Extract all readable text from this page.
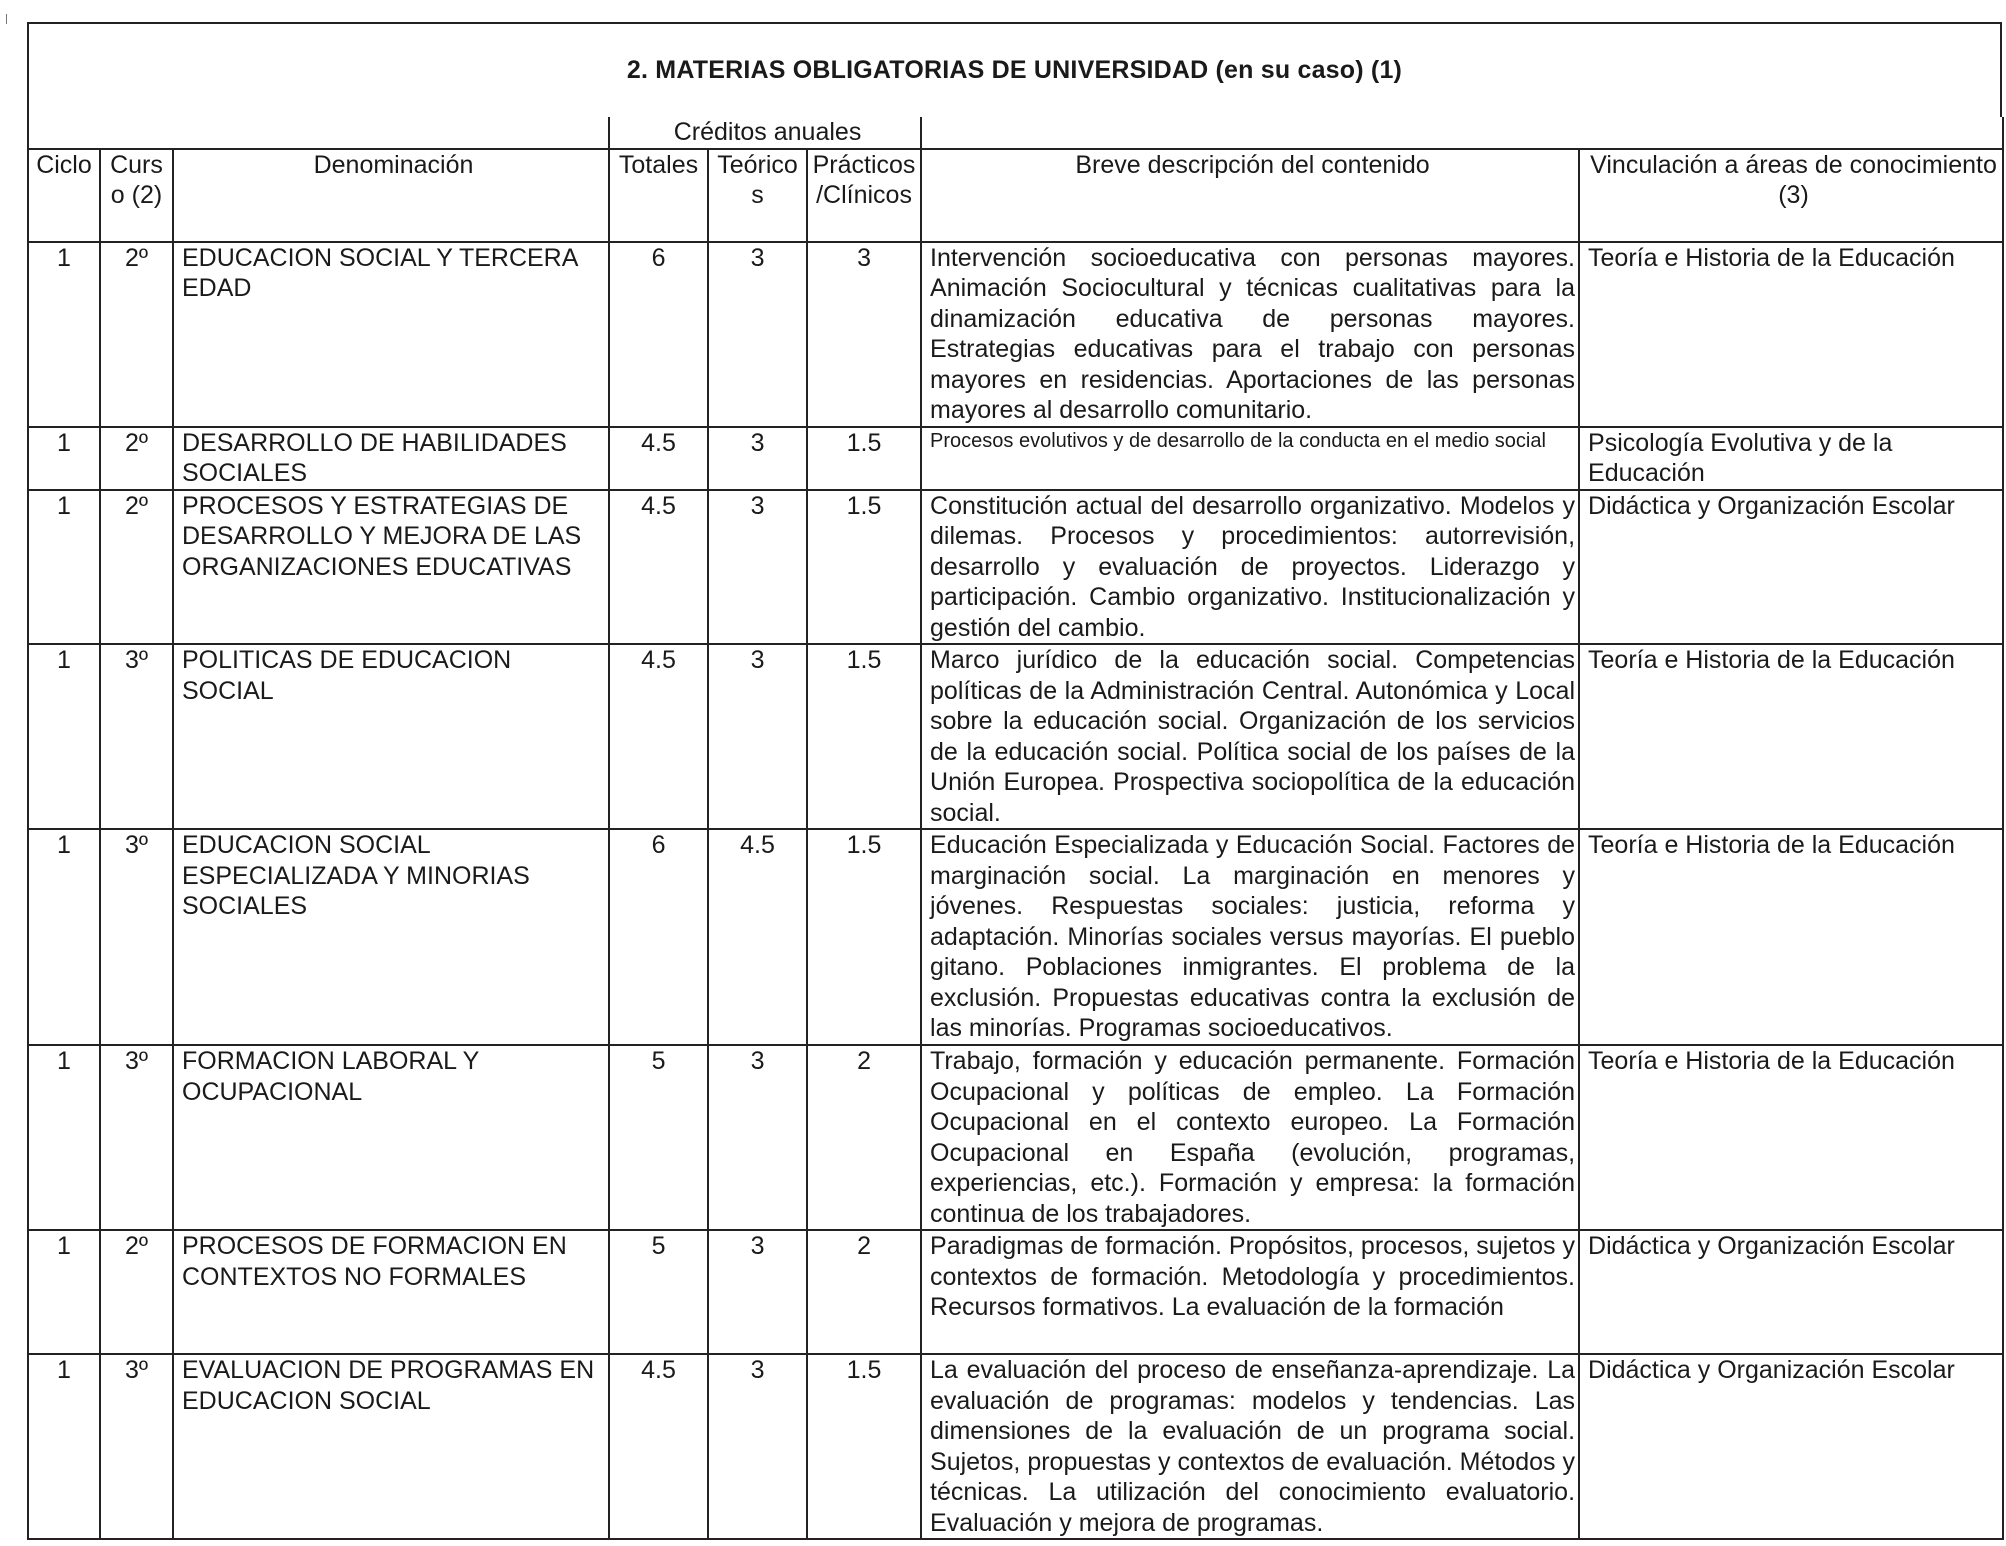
2. MATERIAS OBLIGATORIAS DE UNIVERSIDAD (en su caso) (1)
			Créditos anuales				
Ciclo	Curso (2)	Denominación	Totales	Teóricos	Prácticos/Clínicos	Breve descripción del contenido	Vinculación a áreas de conocimiento (3)
1	2º	EDUCACION SOCIAL Y TERCERA EDAD	6	3	3	Intervención socioeducativa con personas mayores. Animación Sociocultural y técnicas cualitativas para la dinamización educativa de personas mayores. Estrategias educativas para el trabajo con personas mayores en residencias. Aportaciones de las personas mayores al desarrollo comunitario.	Teoría e Historia de la Educación
1	2º	DESARROLLO DE HABILIDADES SOCIALES	4.5	3	1.5	Procesos evolutivos y de desarrollo de la conducta en el medio social	Psicología Evolutiva y de la Educación
1	2º	PROCESOS Y ESTRATEGIAS DE DESARROLLO Y MEJORA DE LAS ORGANIZACIONES EDUCATIVAS	4.5	3	1.5	Constitución actual del desarrollo organizativo. Modelos y dilemas. Procesos y procedimientos: autorrevisión, desarrollo y evaluación de proyectos. Liderazgo y participación. Cambio organizativo. Institucionalización y gestión del cambio.	Didáctica y Organización Escolar
1	3º	POLITICAS DE EDUCACION SOCIAL	4.5	3	1.5	Marco jurídico de la educación social. Competencias políticas de la Administración Central. Autonómica y Local sobre la educación social. Organización de los servicios de la educación social. Política social de los países de la Unión Europea. Prospectiva sociopolítica de la educación social.	Teoría e Historia de la Educación
1	3º	EDUCACION SOCIAL ESPECIALIZADA Y MINORIAS SOCIALES	6	4.5	1.5	Educación Especializada y Educación Social. Factores de marginación social. La marginación en menores y jóvenes. Respuestas sociales: justicia, reforma y adaptación. Minorías sociales versus mayorías. El pueblo gitano. Poblaciones inmigrantes. El problema de la exclusión. Propuestas educativas contra la exclusión de las minorías. Programas socioeducativos.	Teoría e Historia de la Educación
1	3º	FORMACION LABORAL Y OCUPACIONAL	5	3	2	Trabajo, formación y educación permanente. Formación Ocupacional y políticas de empleo. La Formación Ocupacional en el contexto europeo. La Formación Ocupacional en España (evolución, programas, experiencias, etc.). Formación y empresa: la formación continua de los trabajadores.	Teoría e Historia de la Educación
1	2º	PROCESOS DE FORMACION EN CONTEXTOS NO FORMALES	5	3	2	Paradigmas de formación. Propósitos, procesos, sujetos y contextos de formación. Metodología y procedimientos. Recursos formativos. La evaluación de la formación	Didáctica y Organización Escolar
1	3º	EVALUACION DE PROGRAMAS EN EDUCACION SOCIAL	4.5	3	1.5	La evaluación del proceso de enseñanza-aprendizaje. La evaluación de programas: modelos y tendencias. Las dimensiones de la evaluación de un programa social. Sujetos, propuestas y contextos de evaluación. Métodos y técnicas. La utilización del conocimiento evaluatorio. Evaluación y mejora de programas.	Didáctica y Organización Escolar
